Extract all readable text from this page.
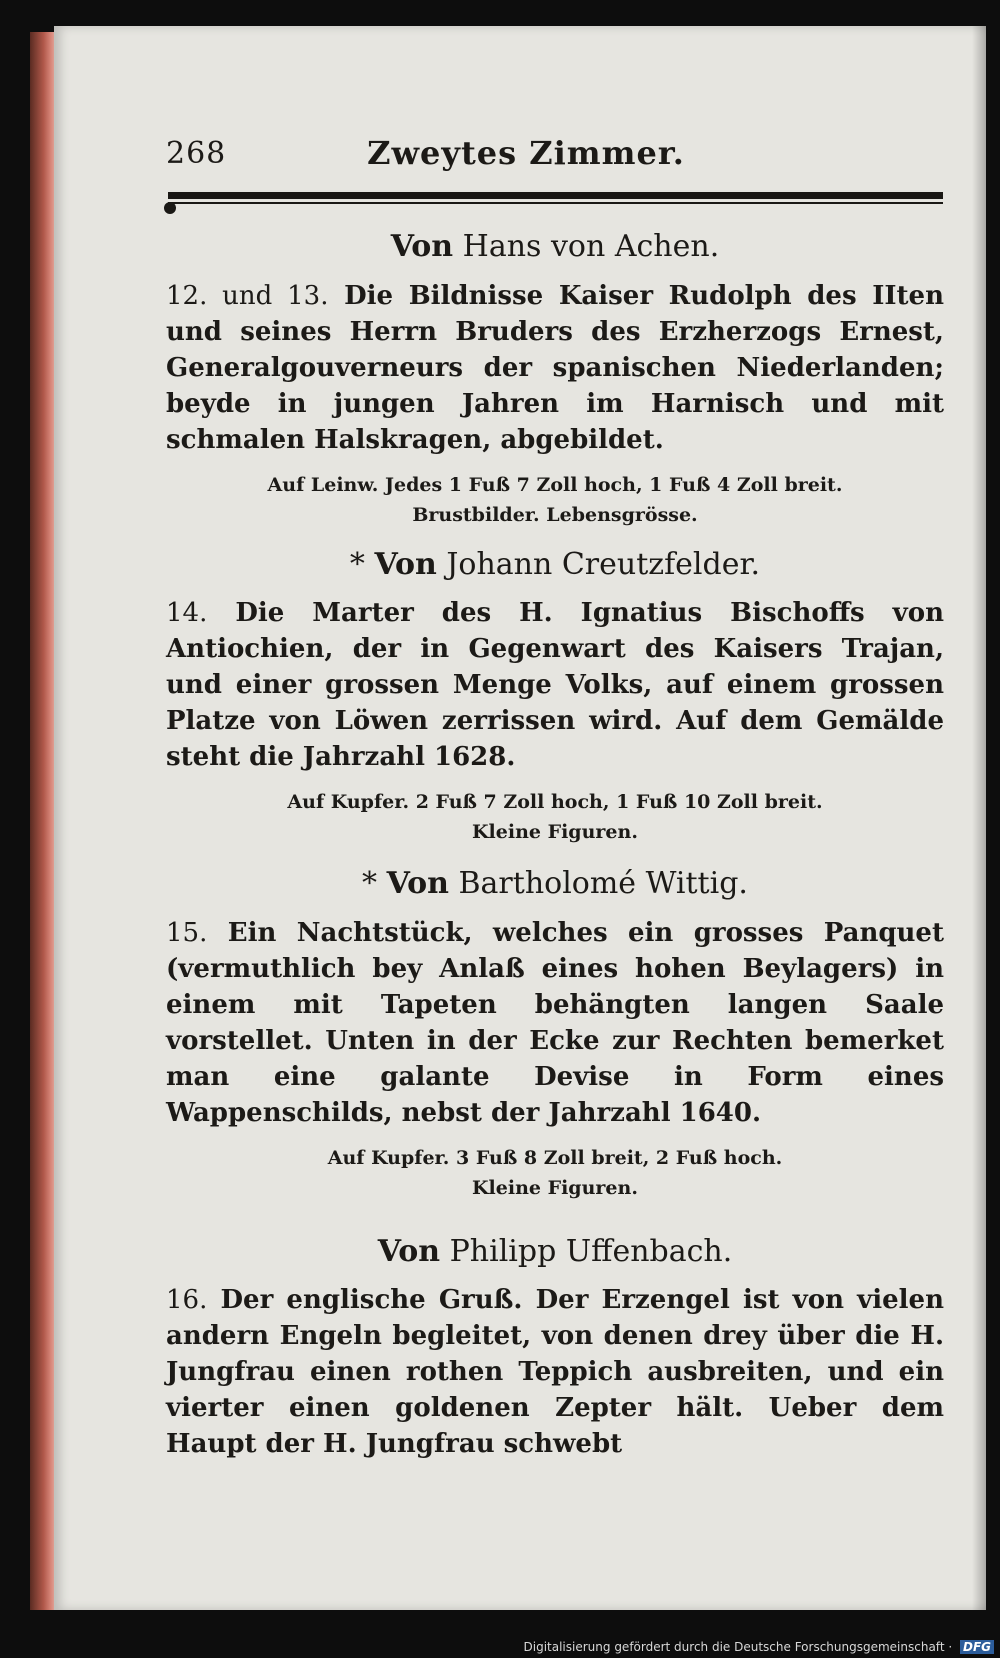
268	Zweytes Zimmer.

Von Hans von Achen.

12. und 13. Die Bildnisse Kaiser Rudolph des IIten und seines Herrn Bruders des Erzherzogs Ernest, Generalgouverneurs der spanischen Niederlanden; beyde in jungen Jahren im Harnisch und mit schmalen Halskragen, abgebildet.

Auf Leinw. Jedes 1 Fuß 7 Zoll hoch, 1 Fuß 4 Zoll breit.
Brustbilder. Lebensgrösse.

* Von Johann Creutzfelder.

14. Die Marter des H. Ignatius Bischoffs von Antiochien, der in Gegenwart des Kaisers Trajan, und einer grossen Menge Volks, auf einem grossen Platze von Löwen zerrissen wird. Auf dem Gemälde steht die Jahrzahl 1628.

Auf Kupfer. 2 Fuß 7 Zoll hoch, 1 Fuß 10 Zoll breit.
Kleine Figuren.

* Von Bartholomé Wittig.

15. Ein Nachtstück, welches ein grosses Panquet (vermuthlich bey Anlaß eines hohen Beylagers) in einem mit Tapeten behängten langen Saale vorstellet. Unten in der Ecke zur Rechten bemerket man eine galante Devise in Form eines Wappenschilds, nebst der Jahrzahl 1640.

Auf Kupfer. 3 Fuß 8 Zoll breit, 2 Fuß hoch.
Kleine Figuren.

Von Philipp Uffenbach.

16. Der englische Gruß. Der Erzengel ist von vielen andern Engeln begleitet, von denen drey über die H. Jungfrau einen rothen Teppich ausbreiten, und ein vierter einen goldenen Zepter hält. Ueber dem Haupt der H. Jungfrau schwebt

Digitalisierung gefördert durch die Deutsche Forschungsgemeinschaft · DFG
